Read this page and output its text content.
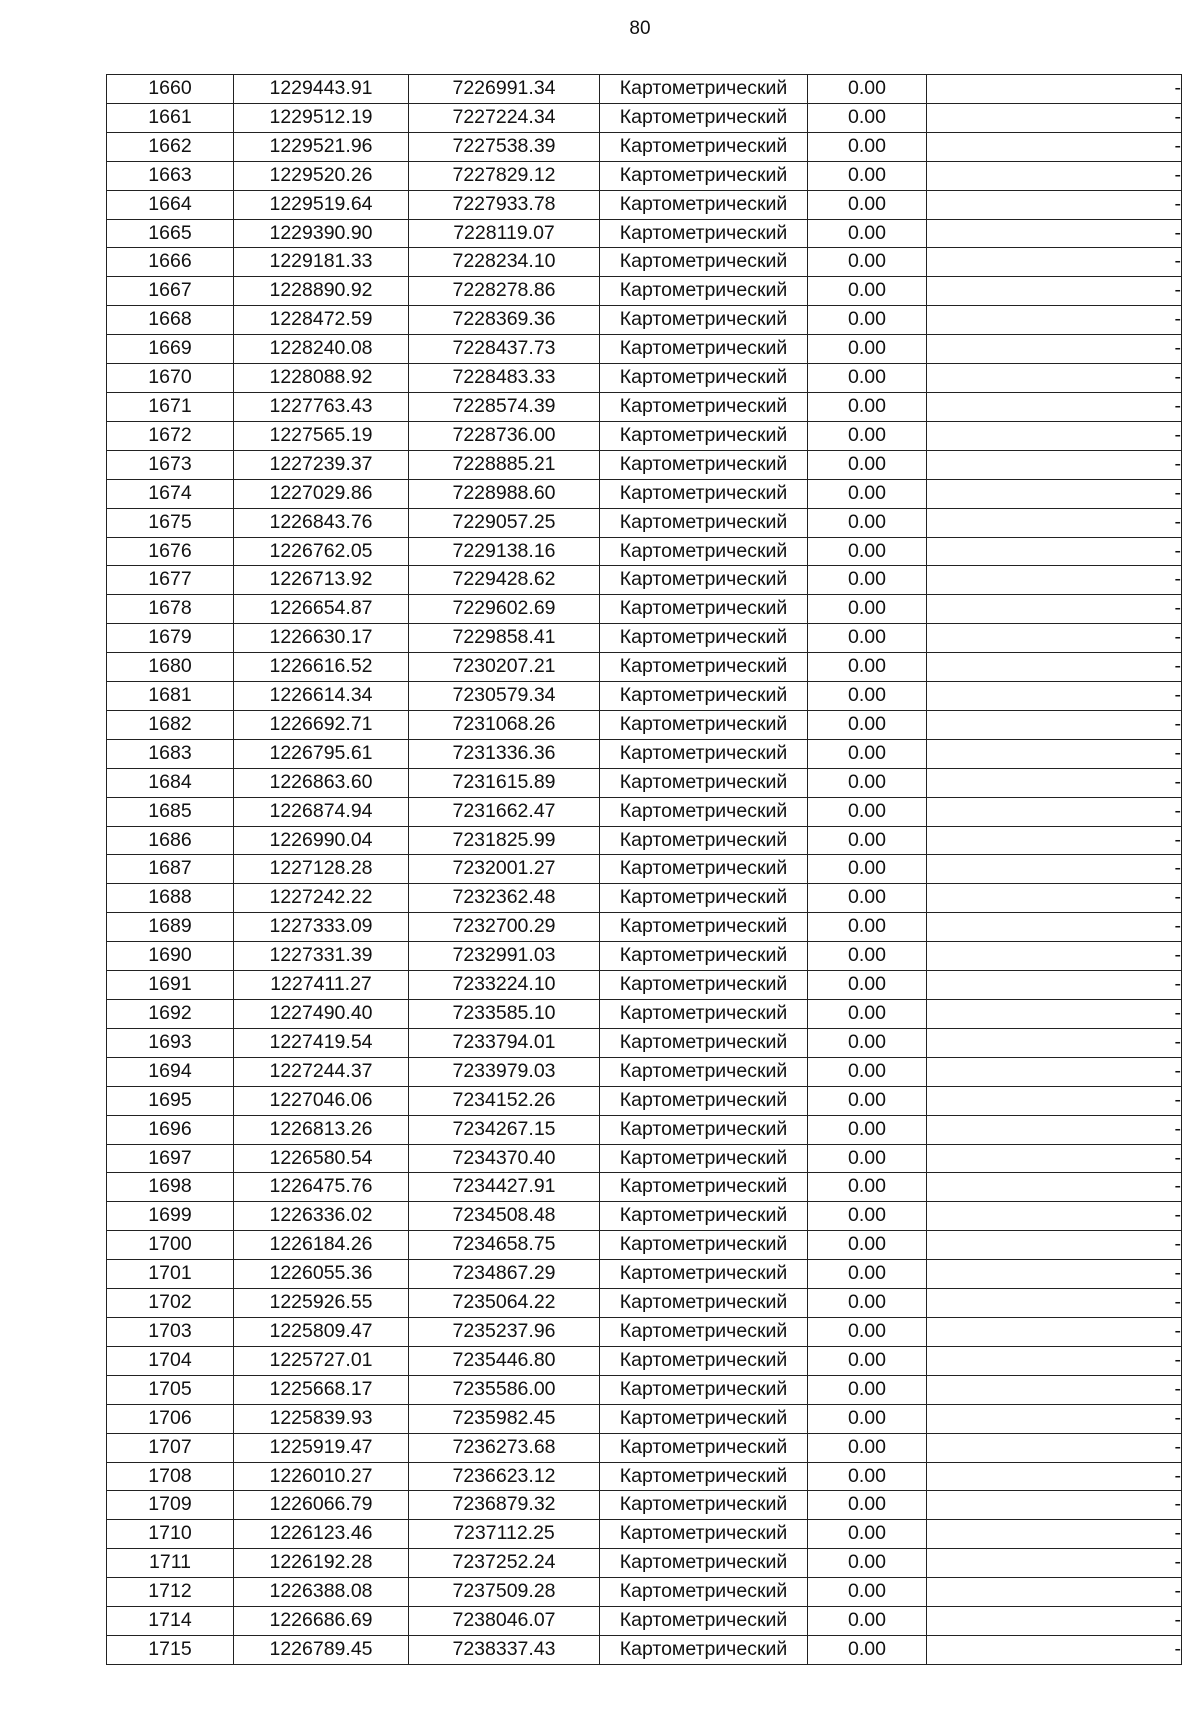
80
1660	1229443.91	7226991.34	Картометрический	0.00	-
1661	1229512.19	7227224.34	Картометрический	0.00	-
1662	1229521.96	7227538.39	Картометрический	0.00	-
1663	1229520.26	7227829.12	Картометрический	0.00	-
1664	1229519.64	7227933.78	Картометрический	0.00	-
1665	1229390.90	7228119.07	Картометрический	0.00	-
1666	1229181.33	7228234.10	Картометрический	0.00	-
1667	1228890.92	7228278.86	Картометрический	0.00	-
1668	1228472.59	7228369.36	Картометрический	0.00	-
1669	1228240.08	7228437.73	Картометрический	0.00	-
1670	1228088.92	7228483.33	Картометрический	0.00	-
1671	1227763.43	7228574.39	Картометрический	0.00	-
1672	1227565.19	7228736.00	Картометрический	0.00	-
1673	1227239.37	7228885.21	Картометрический	0.00	-
1674	1227029.86	7228988.60	Картометрический	0.00	-
1675	1226843.76	7229057.25	Картометрический	0.00	-
1676	1226762.05	7229138.16	Картометрический	0.00	-
1677	1226713.92	7229428.62	Картометрический	0.00	-
1678	1226654.87	7229602.69	Картометрический	0.00	-
1679	1226630.17	7229858.41	Картометрический	0.00	-
1680	1226616.52	7230207.21	Картометрический	0.00	-
1681	1226614.34	7230579.34	Картометрический	0.00	-
1682	1226692.71	7231068.26	Картометрический	0.00	-
1683	1226795.61	7231336.36	Картометрический	0.00	-
1684	1226863.60	7231615.89	Картометрический	0.00	-
1685	1226874.94	7231662.47	Картометрический	0.00	-
1686	1226990.04	7231825.99	Картометрический	0.00	-
1687	1227128.28	7232001.27	Картометрический	0.00	-
1688	1227242.22	7232362.48	Картометрический	0.00	-
1689	1227333.09	7232700.29	Картометрический	0.00	-
1690	1227331.39	7232991.03	Картометрический	0.00	-
1691	1227411.27	7233224.10	Картометрический	0.00	-
1692	1227490.40	7233585.10	Картометрический	0.00	-
1693	1227419.54	7233794.01	Картометрический	0.00	-
1694	1227244.37	7233979.03	Картометрический	0.00	-
1695	1227046.06	7234152.26	Картометрический	0.00	-
1696	1226813.26	7234267.15	Картометрический	0.00	-
1697	1226580.54	7234370.40	Картометрический	0.00	-
1698	1226475.76	7234427.91	Картометрический	0.00	-
1699	1226336.02	7234508.48	Картометрический	0.00	-
1700	1226184.26	7234658.75	Картометрический	0.00	-
1701	1226055.36	7234867.29	Картометрический	0.00	-
1702	1225926.55	7235064.22	Картометрический	0.00	-
1703	1225809.47	7235237.96	Картометрический	0.00	-
1704	1225727.01	7235446.80	Картометрический	0.00	-
1705	1225668.17	7235586.00	Картометрический	0.00	-
1706	1225839.93	7235982.45	Картометрический	0.00	-
1707	1225919.47	7236273.68	Картометрический	0.00	-
1708	1226010.27	7236623.12	Картометрический	0.00	-
1709	1226066.79	7236879.32	Картометрический	0.00	-
1710	1226123.46	7237112.25	Картометрический	0.00	-
1711	1226192.28	7237252.24	Картометрический	0.00	-
1712	1226388.08	7237509.28	Картометрический	0.00	-
1714	1226686.69	7238046.07	Картометрический	0.00	-
1715	1226789.45	7238337.43	Картометрический	0.00	-
